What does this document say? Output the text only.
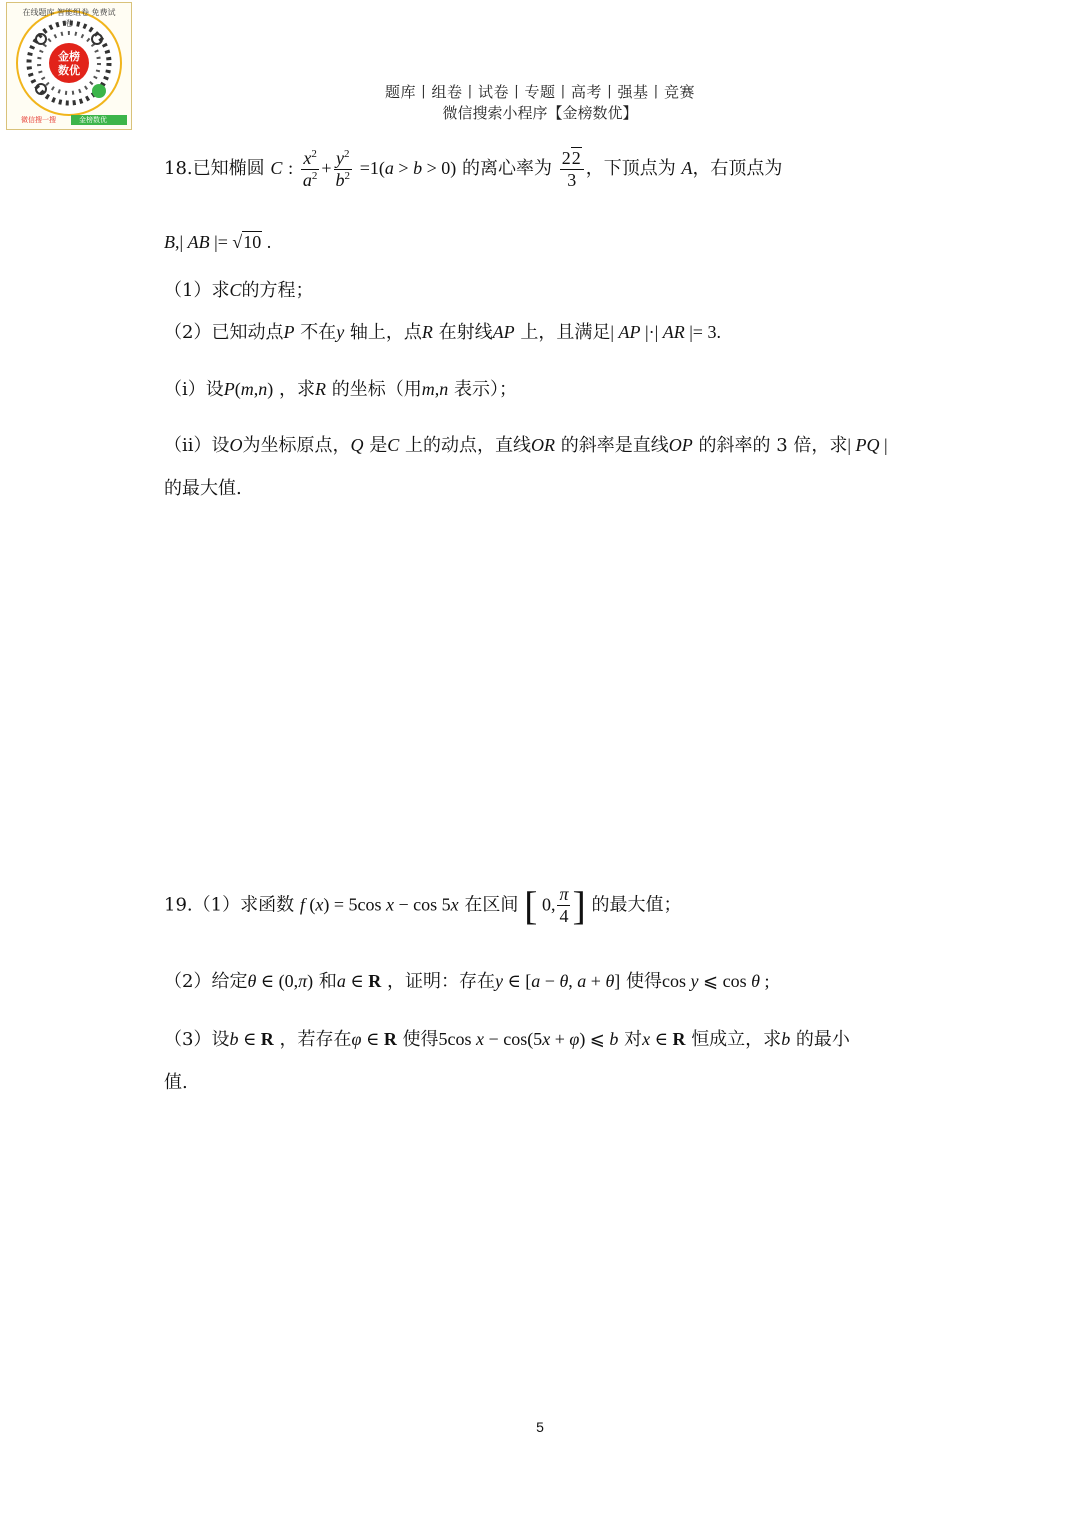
在线题库 智能组卷 免费试卷
金榜
数优
微信搜一搜	金榜数优
题库丨组卷丨试卷丨专题丨高考丨强基丨竞赛
微信搜索小程序【金榜数优】
18.已知椭圆 C : $\frac{x^2}{a^2} + \frac{y^2}{b^2} =1(a > b > 0)$ 的离心率为 $\frac{22}{3}$ ，下顶点为 A，右顶点为
B,| AB |= √10 .
（1）求C的方程；
（2）已知动点P 不在y 轴上，点R 在射线AP 上，且满足| AP |·| AR |= 3.
（i）设P(m,n) ，求R 的坐标（用m,n 表示）；
（ii）设O为坐标原点，Q 是C 上的动点，直线OR 的斜率是直线OP 的斜率的 3 倍，求| PQ |
的最大值.
19.（1）求函数 f (x) = 5cos x − cos 5x 在区间 [ 0, $\frac{\pi}{4}$ ] 的最大值；
（2）给定θ ∈ (0,π) 和a ∈ R ，证明：存在y ∈ [a − θ, a + θ] 使得cos y ⩽ cos θ ;
（3）设b ∈ R ，若存在φ ∈ R 使得5cos x − cos(5x + φ) ⩽ b 对x ∈ R 恒成立，求b 的最小
值.
5
